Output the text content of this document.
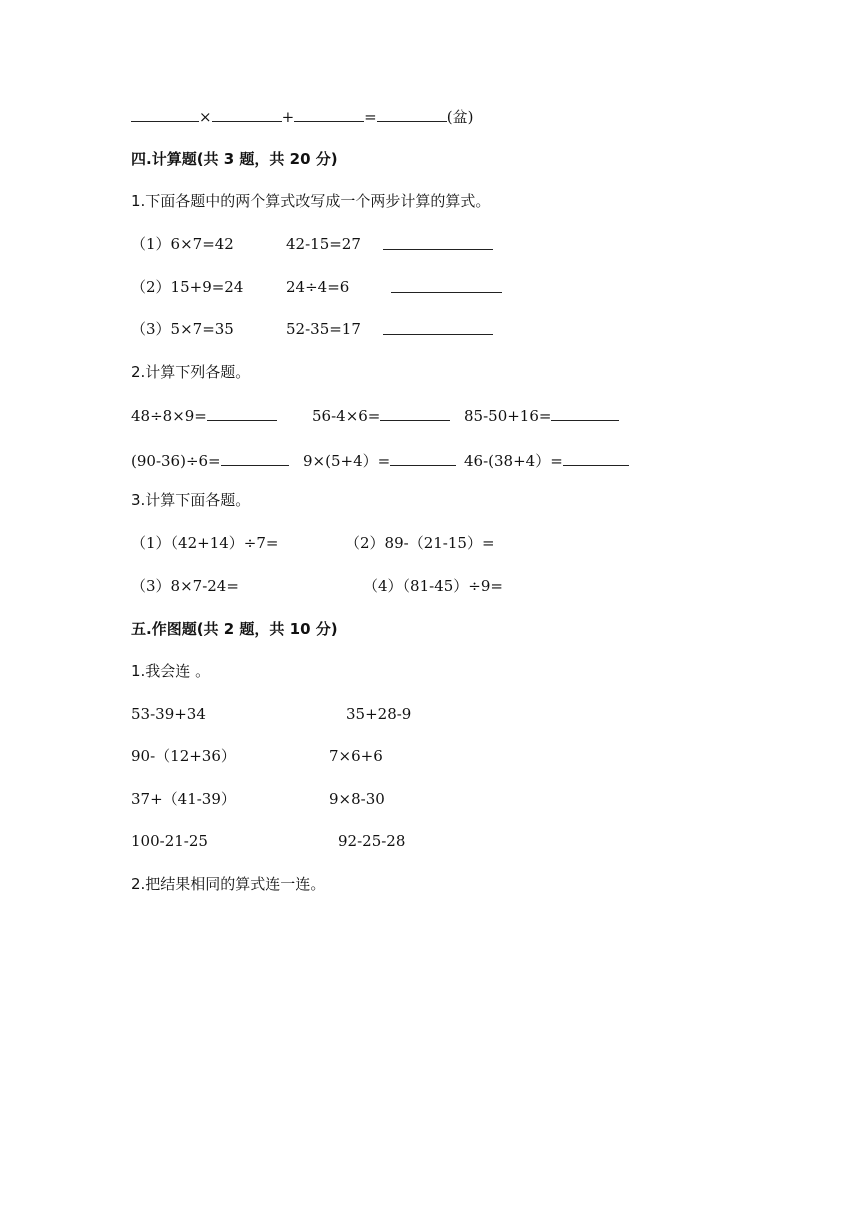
×	+	=	(盆)
四.计算题(共 3 题，共 20 分)
1.下面各题中的两个算式改写成一个两步计算的算式。
（1）6×7=42	42-15=27
（2）15+9=24	24÷4=6
（3）5×7=35	52-35=17
2.计算下列各题。
48÷8×9=	56-4×6=	85-50+16=
(90-36)÷6=	9×(5+4）=	46-(38+4）=
3.计算下面各题。
（1）（42+14）÷7=	（2）89-（21-15）=
（3）8×7-24=	（4）（81-45）÷9=
五.作图题(共 2 题，共 10 分)
1.我会连 。
53-39+34	35+28-9
90-（12+36）	7×6+6
37+（41-39）	9×8-30
100-21-25	92-25-28
2.把结果相同的算式连一连。
